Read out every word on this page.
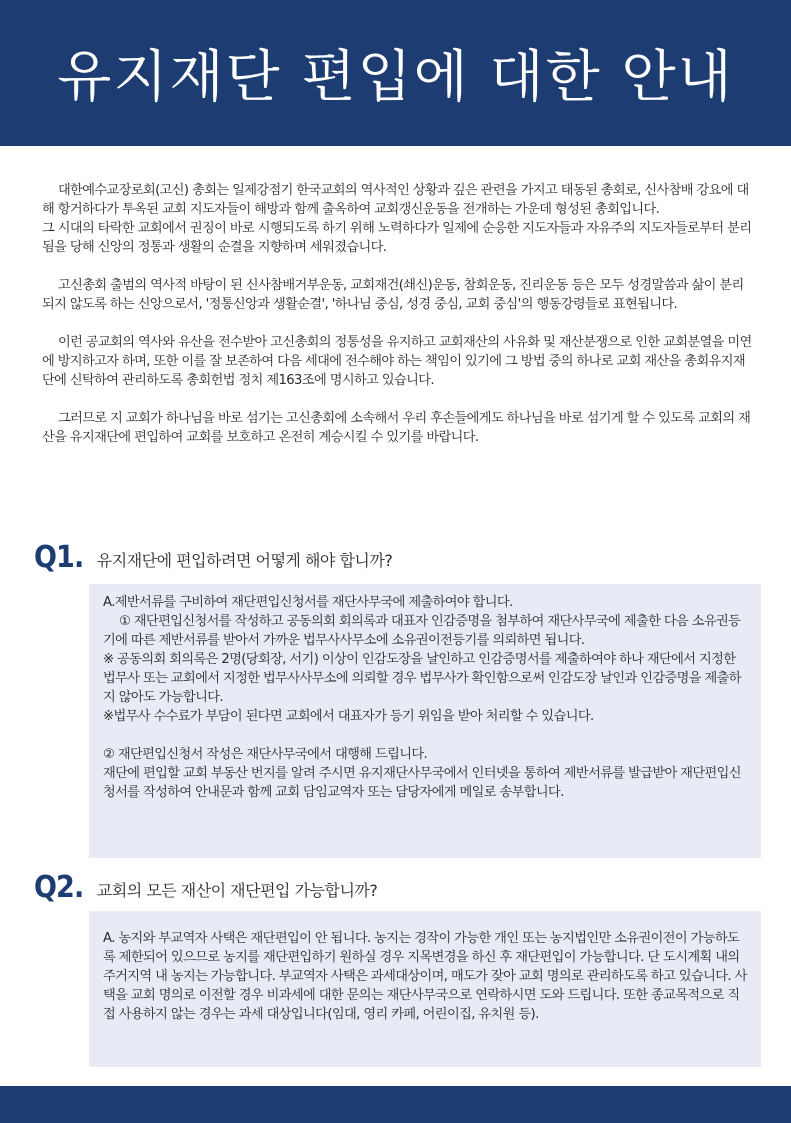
유지재단 편입에 대한 안내

대한예수교장로회(고신) 총회는 일제강점기 한국교회의 역사적인 상황과 깊은 관련을 가지고 태동된 총회로, 신사참배 강요에 대해 항거하다가 투옥된 교회 지도자들이 해방과 함께 출옥하여 교회갱신운동을 전개하는 가운데 형성된 총회입니다.
그 시대의 타락한 교회에서 권징이 바로 시행되도록 하기 위해 노력하다가 일제에 순응한 지도자들과 자유주의 지도자들로부터 분리됨을 당해 신앙의 정통과 생활의 순결을 지향하며 세워졌습니다.

고신총회 출범의 역사적 바탕이 된 신사참배거부운동, 교회재건(쇄신)운동, 참회운동, 진리운동 등은 모두 성경말씀과 삶이 분리되지 않도록 하는 신앙으로서, '정통신앙과 생활순결', '하나님 중심, 성경 중심, 교회 중심'의 행동강령들로 표현됩니다.

이런 공교회의 역사와 유산을 전수받아 고신총회의 정통성을 유지하고 교회재산의 사유화 및 재산분쟁으로 인한 교회분열을 미연에 방지하고자 하며, 또한 이를 잘 보존하여 다음 세대에 전수해야 하는 책임이 있기에 그 방법 중의 하나로 교회 재산을 총회유지재단에 신탁하여 관리하도록 총회헌법 정치 제163조에 명시하고 있습니다.

그러므로 지 교회가 하나님을 바로 섬기는 고신총회에 소속해서 우리 후손들에게도 하나님을 바로 섬기게 할 수 있도록 교회의 재산을 유지재단에 편입하여 교회를 보호하고 온전히 계승시킬 수 있기를 바랍니다.

Q1. 유지재단에 편입하려면 어떻게 해야 합니까?

A.제반서류를 구비하여 재단편입신청서를 재단사무국에 제출하여야 합니다.

① 재단편입신청서를 작성하고 공동의회 회의록과 대표자 인감증명을 첨부하여 재단사무국에 제출한 다음 소유권등기에 따른 제반서류를 받아서 가까운 법무사사무소에 소유권이전등기를 의뢰하면 됩니다.

※ 공동의회 회의록은 2명(당회장, 서기) 이상이 인감도장을 날인하고 인감증명서를 제출하여야 하나 재단에서 지정한 법무사 또는 교회에서 지정한 법무사사무소에 의뢰할 경우 법무사가 확인함으로써 인감도장 날인과 인감증명을 제출하지 않아도 가능합니다.

※법무사 수수료가 부담이 된다면 교회에서 대표자가 등기 위임을 받아 처리할 수 있습니다.

② 재단편입신청서 작성은 재단사무국에서 대행해 드립니다.

재단에 편입할 교회 부동산 번지를 알려 주시면 유지재단사무국에서 인터넷을 통하여 제반서류를 발급받아 재단편입신청서를 작성하여 안내문과 함께 교회 담임교역자 또는 담당자에게 메일로 송부합니다.

Q2. 교회의 모든 재산이 재단편입 가능합니까?

A. 농지와 부교역자 사택은 재단편입이 안 됩니다. 농지는 경작이 가능한 개인 또는 농지법인만 소유권이전이 가능하도록 제한되어 있으므로 농지를 재단편입하기 원하실 경우 지목변경을 하신 후 재단편입이 가능합니다. 단 도시계획 내의 주거지역 내 농지는 가능합니다. 부교역자 사택은 과세대상이며, 매도가 잦아 교회 명의로 관리하도록 하고 있습니다. 사택을 교회 명의로 이전할 경우 비과세에 대한 문의는 재단사무국으로 연락하시면 도와 드립니다. 또한 종교목적으로 직접 사용하지 않는 경우는 과세 대상입니다(임대, 영리 카페, 어린이집, 유치원 등).
